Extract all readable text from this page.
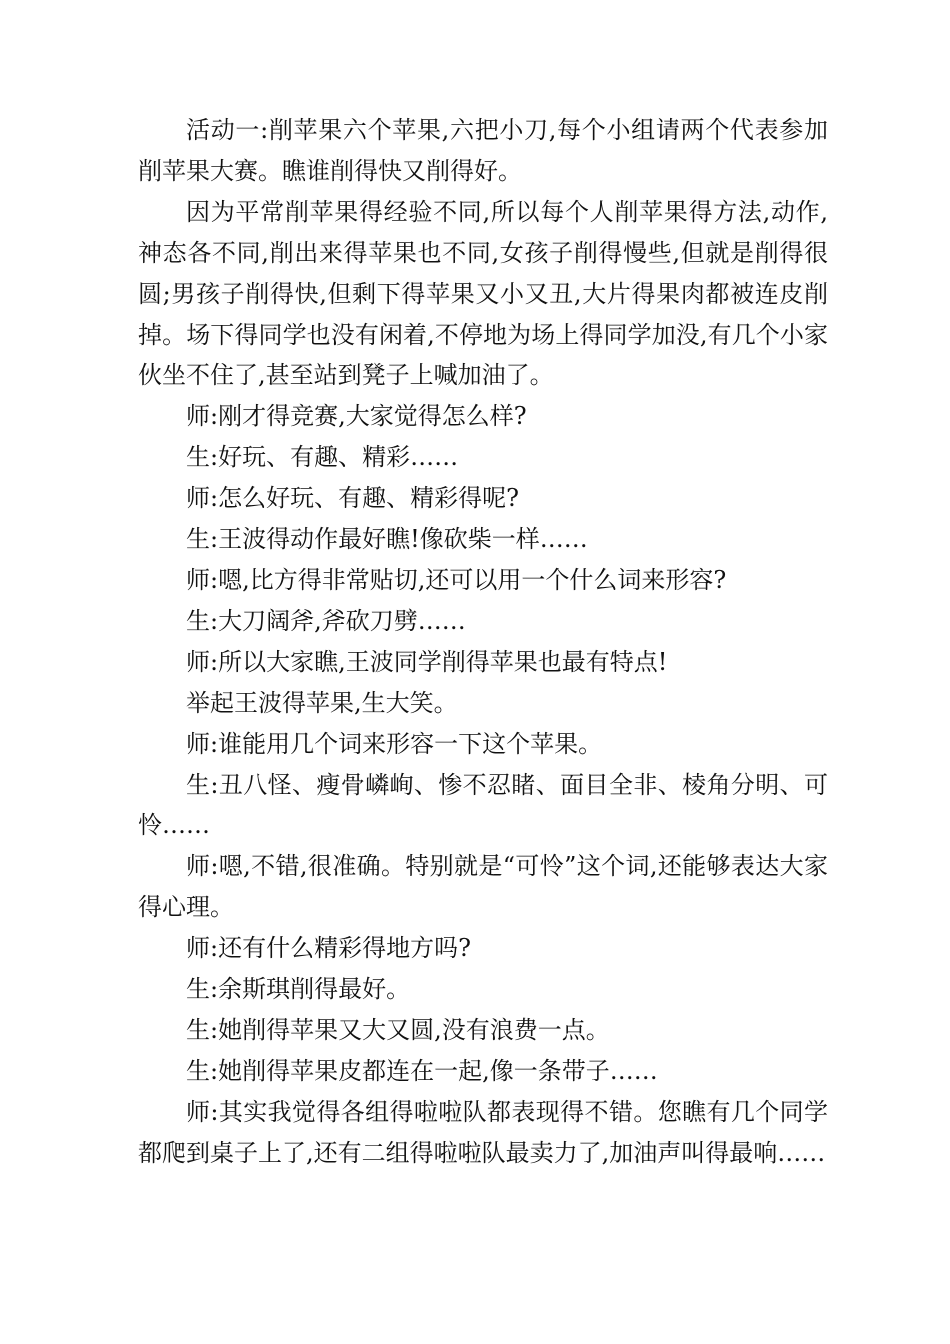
活动一:削苹果六个苹果,六把小刀,每个小组请两个代表参加削苹果大赛。瞧谁削得快又削得好。

因为平常削苹果得经验不同,所以每个人削苹果得方法,动作,神态各不同,削出来得苹果也不同,女孩子削得慢些,但就是削得很圆;男孩子削得快,但剩下得苹果又小又丑,大片得果肉都被连皮削掉。场下得同学也没有闲着,不停地为场上得同学加没,有几个小家伙坐不住了,甚至站到凳子上喊加油了。

师:刚才得竞赛,大家觉得怎么样?

生:好玩、有趣、精彩……

师:怎么好玩、有趣、精彩得呢?

生:王波得动作最好瞧!像砍柴一样……

师:嗯,比方得非常贴切,还可以用一个什么词来形容?

生:大刀阔斧,斧砍刀劈……

师:所以大家瞧,王波同学削得苹果也最有特点!

举起王波得苹果,生大笑。

师:谁能用几个词来形容一下这个苹果。

生:丑八怪、瘦骨嶙峋、惨不忍睹、面目全非、棱角分明、可怜……

师:嗯,不错,很准确。特别就是“可怜”这个词,还能够表达大家得心理。

师:还有什么精彩得地方吗?

生:余斯琪削得最好。

生:她削得苹果又大又圆,没有浪费一点。

生:她削得苹果皮都连在一起,像一条带子……

师:其实我觉得各组得啦啦队都表现得不错。您瞧有几个同学都爬到桌子上了,还有二组得啦啦队最卖力了,加油声叫得最响……
